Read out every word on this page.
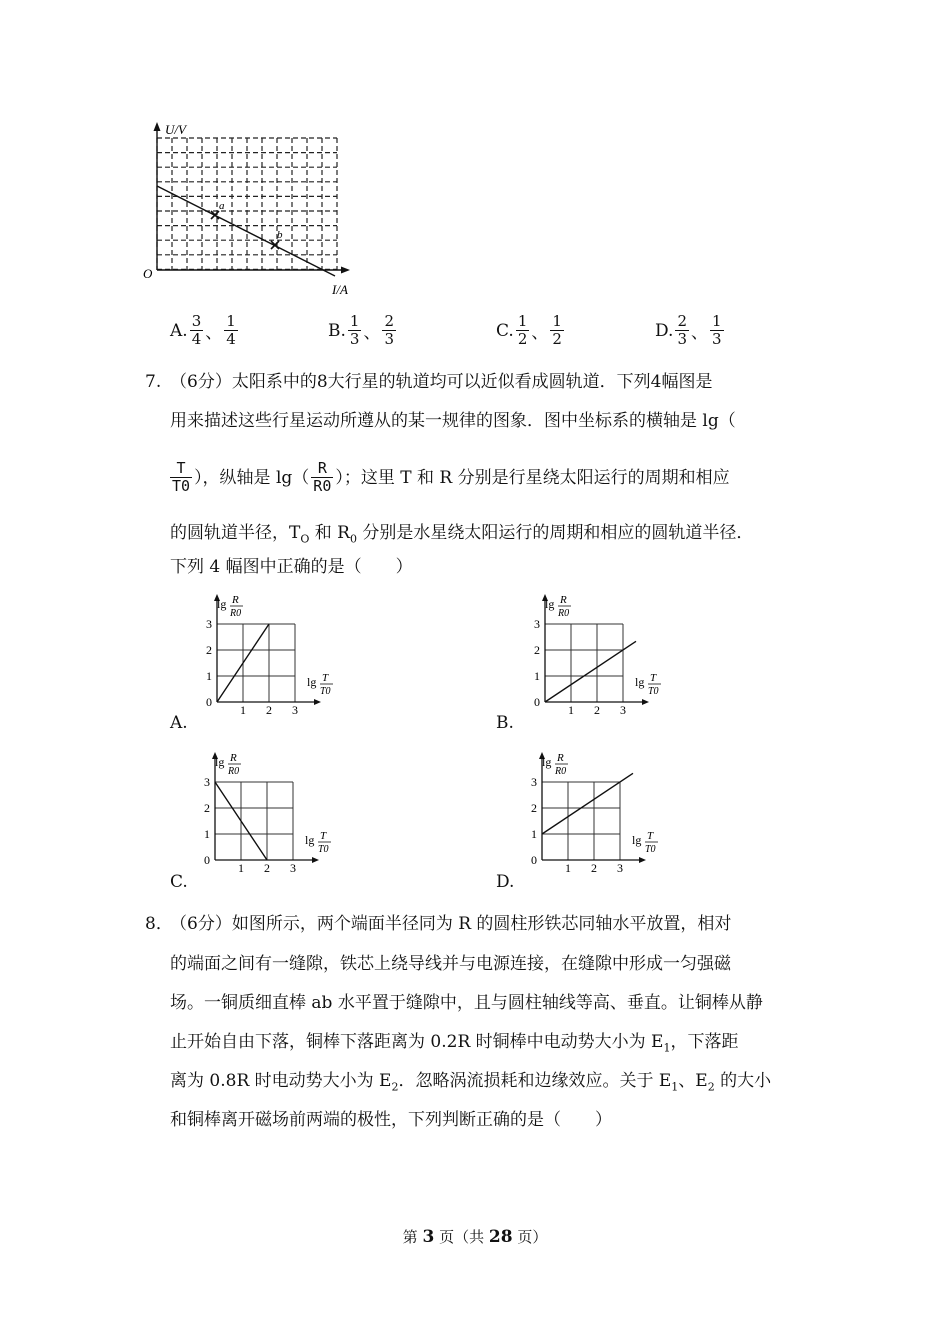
U/V
I/A
O
a
b
A. $\frac{3}{4}$ 、 $\frac{1}{4}$	B. $\frac{1}{3}$ 、 $\frac{2}{3}$	C. $\frac{1}{2}$ 、 $\frac{1}{2}$	D. $\frac{2}{3}$ 、 $\frac{1}{3}$
7. （6分）太阳系中的8大行星的轨道均可以近似看成圆轨道．下列4幅图是
用来描述这些行星运动所遵从的某一规律的图象．图中坐标系的横轴是 lg（
$\frac{T}{T0}$ ），纵轴是 $\lg( \frac{R}{R0}$ ）；这里 T 和 R 分别是行星绕太阳运行的周期和相应
的圆轨道半径，$T_O$ 和 $R_0$ 分别是水星绕太阳运行的周期和相应的圆轨道半径．
下列 4 幅图中正确的是（　　）
1
1
2
2
3
3
0
lg R
R0
lg T
T0
1
1
2
2
3
3
0
lg R
R0
lg T
T0
1
1
2
2
3
3
0
lg R
R0
lg T
T0
1
1
2
2
3
3
0
lg R
R0
lg T
T0
A.	B.
C.	D.
8．
（6分）如图所示，两个端面半径同为 R 的圆柱形铁芯同轴水平放置，相对
的端面之间有一缝隙，铁芯上绕导线并与电源连接，在缝隙中形成一匀强磁
场。一铜质细直棒 ab 水平置于缝隙中，且与圆柱轴线等高、垂直。让铜棒从静
止开始自由下落，铜棒下落距离为 0.2R 时铜棒中电动势大小为 $E_1$，下落距
离为 0.8R 时电动势大小为 $E_2$．忽略涡流损耗和边缘效应。关于 $E_1$、$E_2$ 的大小
和铜棒离开磁场前两端的极性，下列判断正确的是（　　）
第 3 页（共 28 页）
